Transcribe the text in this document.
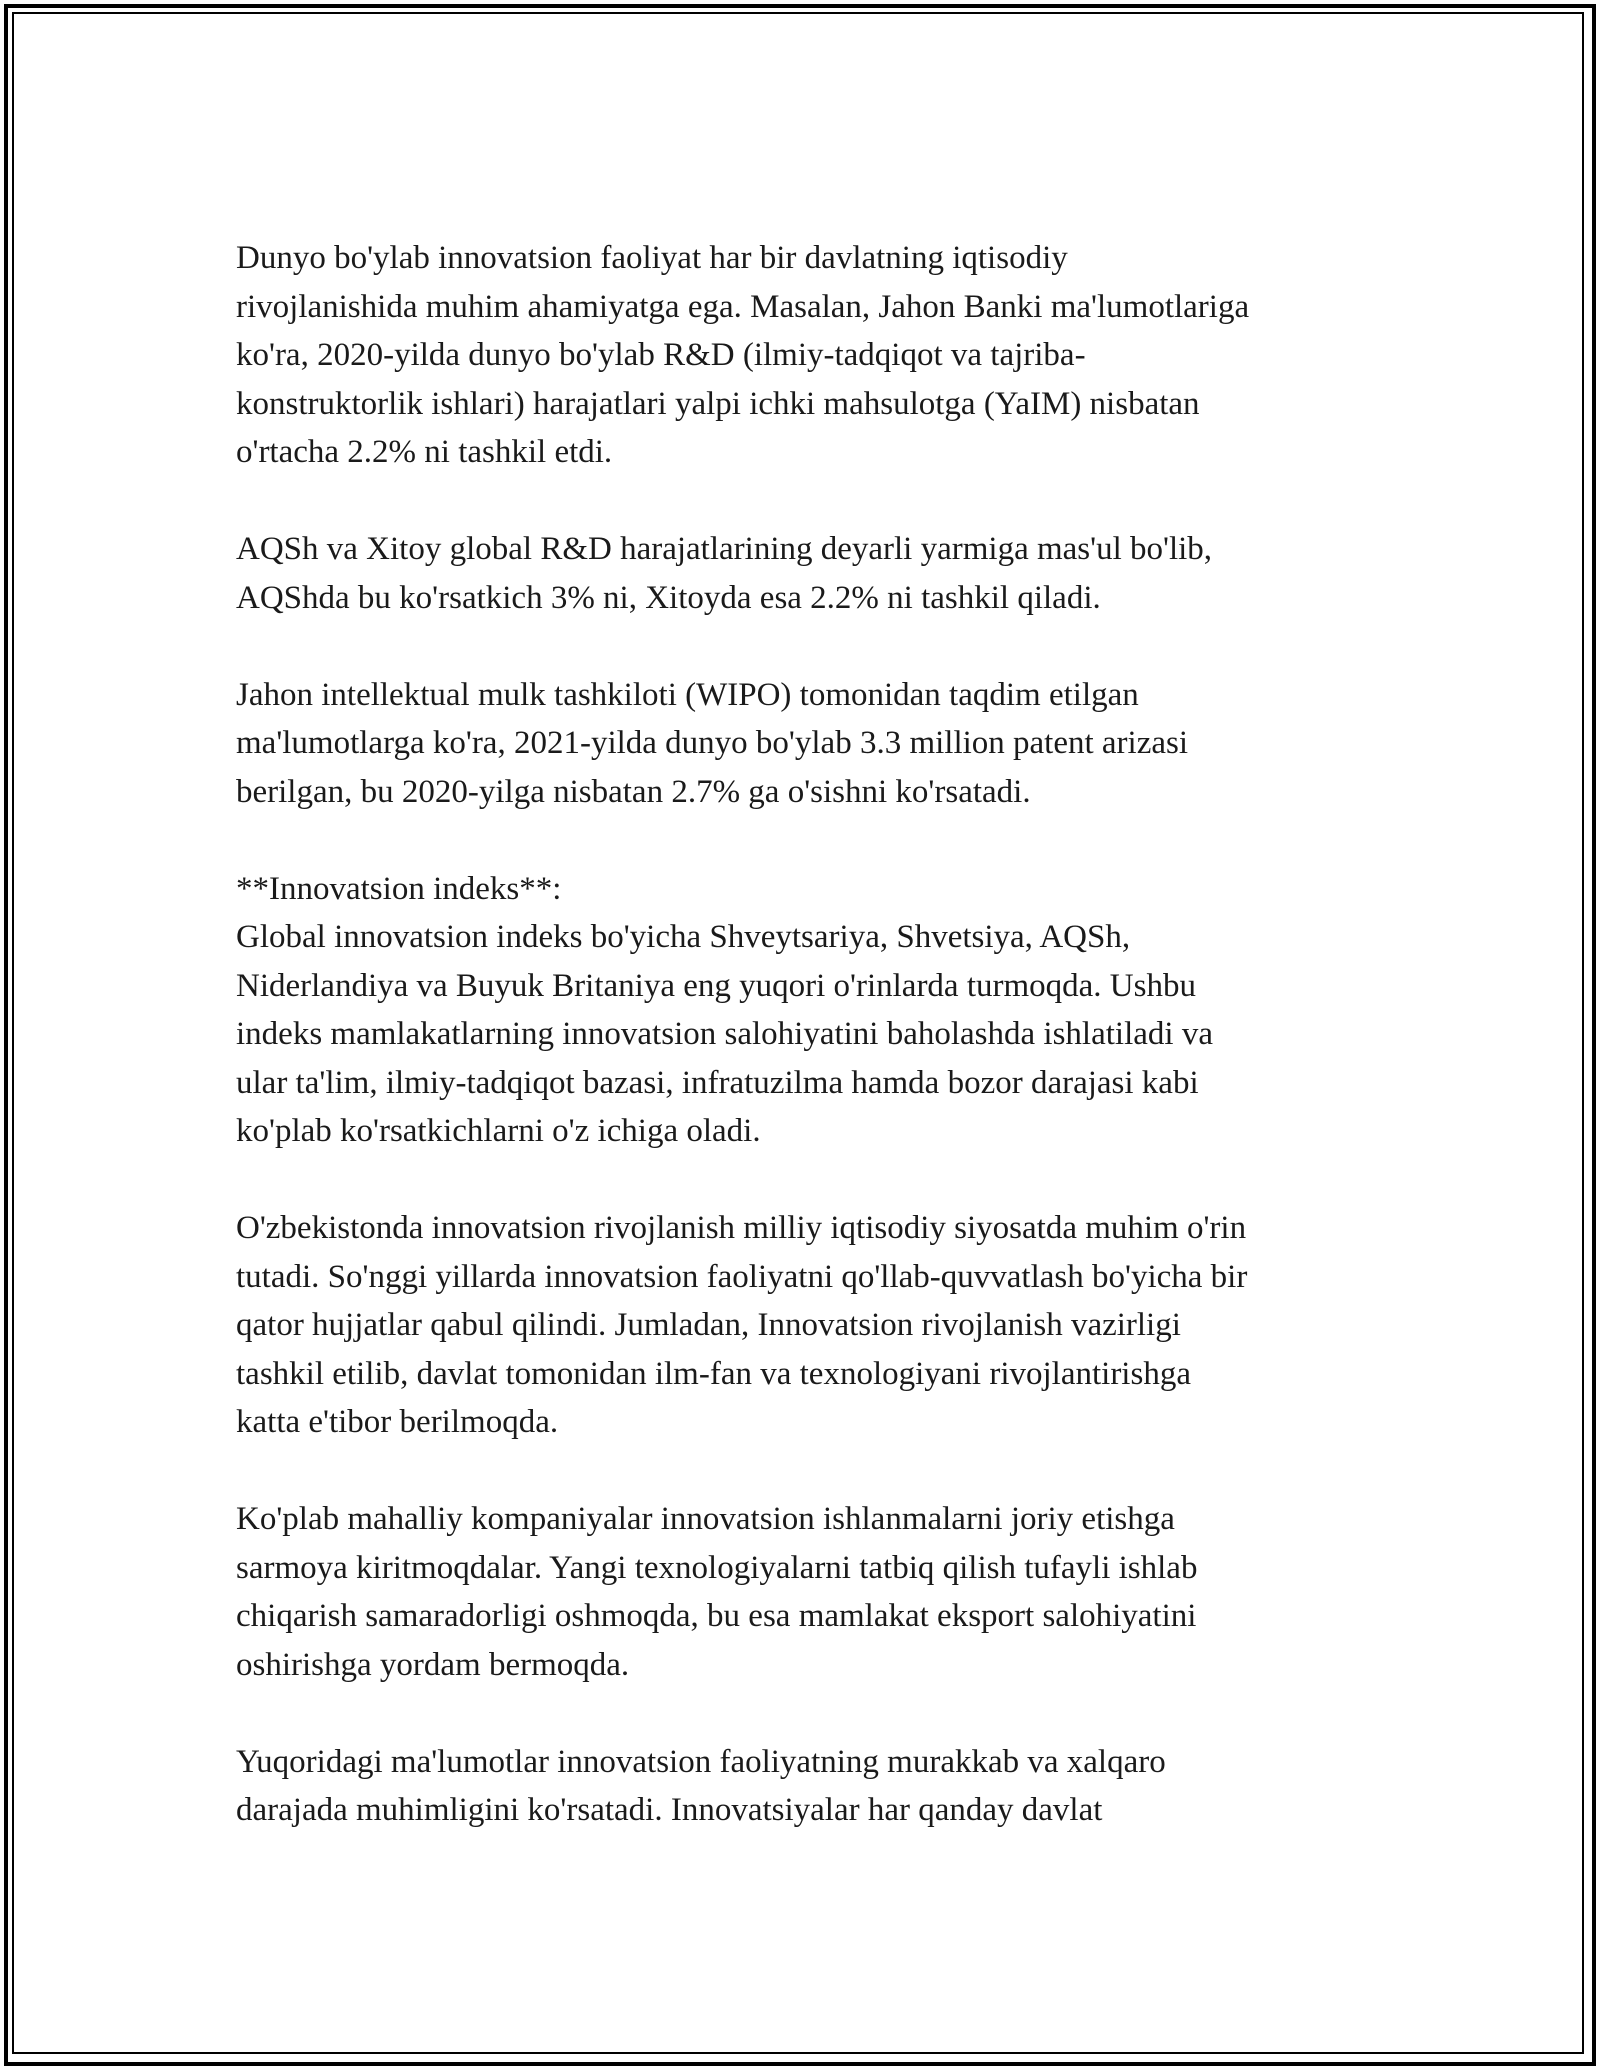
Dunyo bo'ylab innovatsion faoliyat har bir davlatning iqtisodiy
rivojlanishida muhim ahamiyatga ega. Masalan, Jahon Banki ma'lumotlariga
ko'ra, 2020-yilda dunyo bo'ylab R&D (ilmiy-tadqiqot va tajriba-
konstruktorlik ishlari) harajatlari yalpi ichki mahsulotga (YaIM) nisbatan
o'rtacha 2.2% ni tashkil etdi.

AQSh va Xitoy global R&D harajatlarining deyarli yarmiga mas'ul bo'lib,
AQShda bu ko'rsatkich 3% ni, Xitoyda esa 2.2% ni tashkil qiladi.

Jahon intellektual mulk tashkiloti (WIPO) tomonidan taqdim etilgan
ma'lumotlarga ko'ra, 2021-yilda dunyo bo'ylab 3.3 million patent arizasi
berilgan, bu 2020-yilga nisbatan 2.7% ga o'sishni ko'rsatadi.

**Innovatsion indeks**:
Global innovatsion indeks bo'yicha Shveytsariya, Shvetsiya, AQSh,
Niderlandiya va Buyuk Britaniya eng yuqori o'rinlarda turmoqda. Ushbu
indeks mamlakatlarning innovatsion salohiyatini baholashda ishlatiladi va
ular ta'lim, ilmiy-tadqiqot bazasi, infratuzilma hamda bozor darajasi kabi
ko'plab ko'rsatkichlarni o'z ichiga oladi.

O'zbekistonda innovatsion rivojlanish milliy iqtisodiy siyosatda muhim o'rin
tutadi. So'nggi yillarda innovatsion faoliyatni qo'llab-quvvatlash bo'yicha bir
qator hujjatlar qabul qilindi. Jumladan, Innovatsion rivojlanish vazirligi
tashkil etilib, davlat tomonidan ilm-fan va texnologiyani rivojlantirishga
katta e'tibor berilmoqda.

Ko'plab mahalliy kompaniyalar innovatsion ishlanmalarni joriy etishga
sarmoya kiritmoqdalar. Yangi texnologiyalarni tatbiq qilish tufayli ishlab
chiqarish samaradorligi oshmoqda, bu esa mamlakat eksport salohiyatini
oshirishga yordam bermoqda.

Yuqoridagi ma'lumotlar innovatsion faoliyatning murakkab va xalqaro
darajada muhimligini ko'rsatadi. Innovatsiyalar har qanday davlat
